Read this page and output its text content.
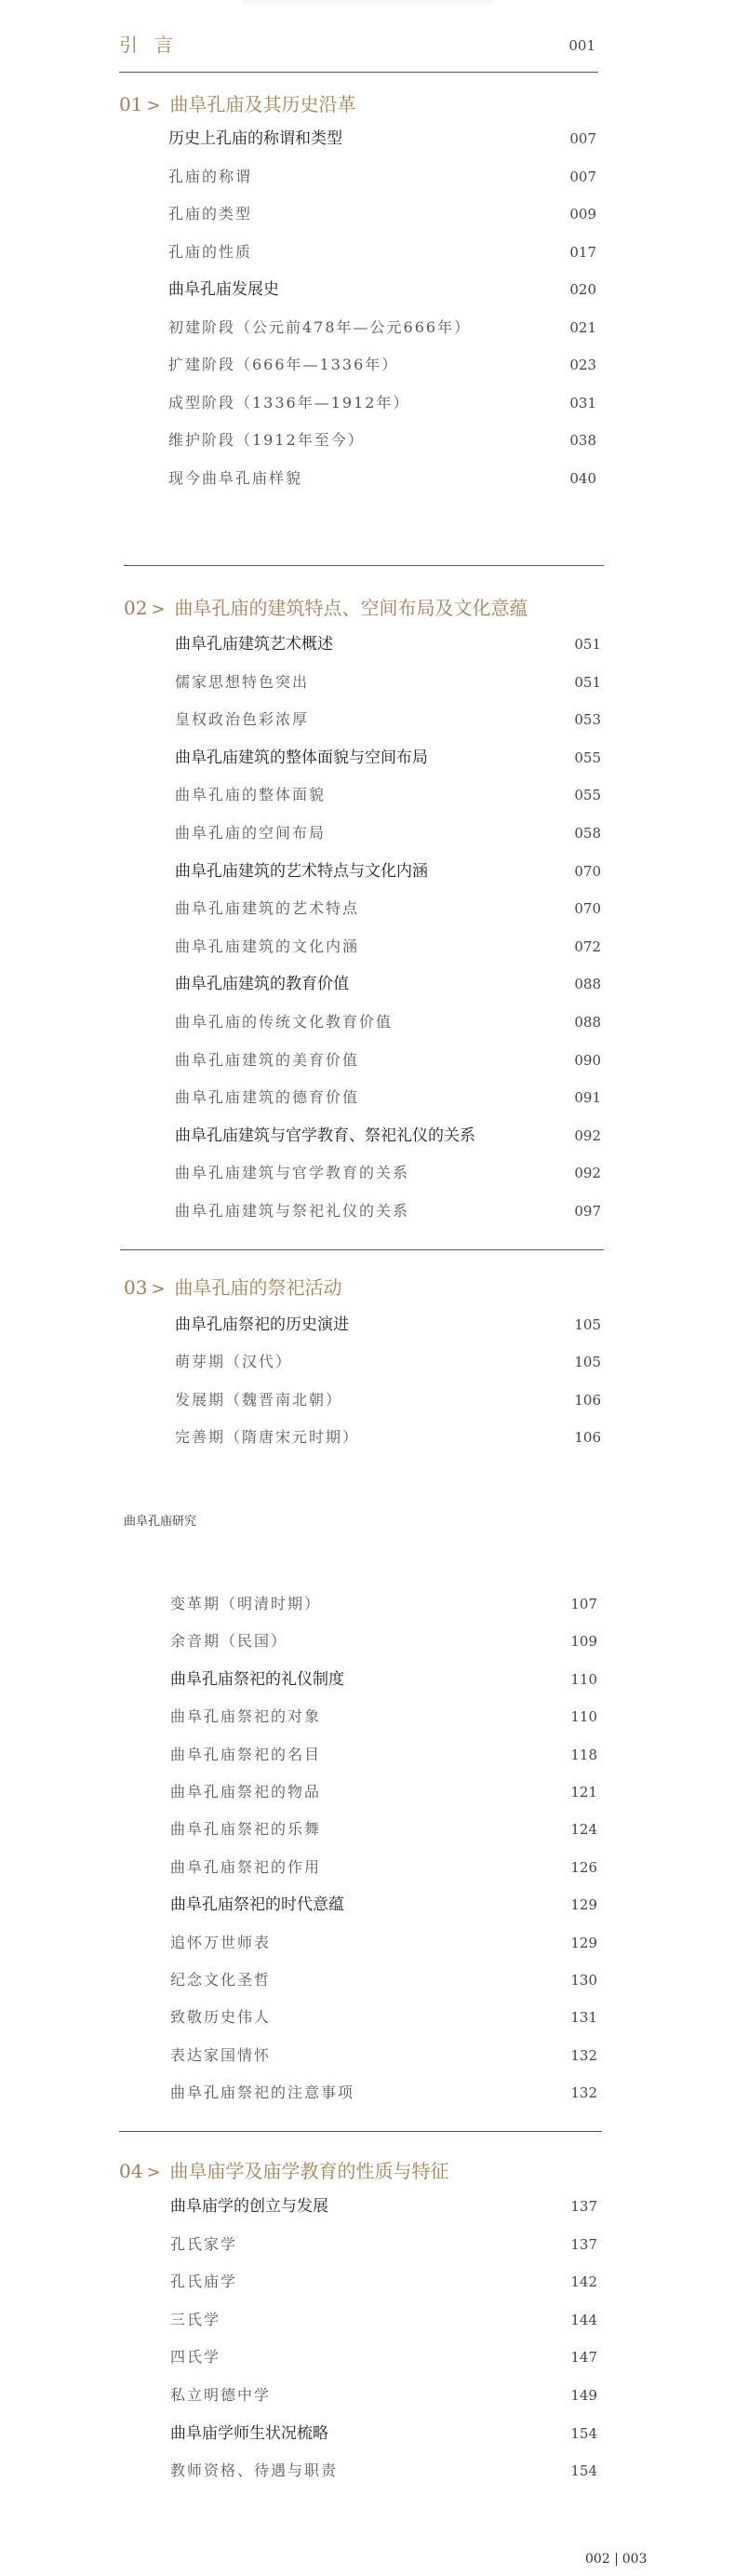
引言	001
01 > 曲阜孔庙及其历史沿革
历史上孔庙的称谓和类型	007
孔庙的称谓	007
孔庙的类型	009
孔庙的性质	017
曲阜孔庙发展史	020
初建阶段（公元前478年—公元666年）	021
扩建阶段（666年—1336年）	023
成型阶段（1336年—1912年）	031
维护阶段（1912年至今）	038
现今曲阜孔庙样貌	040
02 > 曲阜孔庙的建筑特点、空间布局及文化意蕴
曲阜孔庙建筑艺术概述	051
儒家思想特色突出	051
皇权政治色彩浓厚	053
曲阜孔庙建筑的整体面貌与空间布局	055
曲阜孔庙的整体面貌	055
曲阜孔庙的空间布局	058
曲阜孔庙建筑的艺术特点与文化内涵	070
曲阜孔庙建筑的艺术特点	070
曲阜孔庙建筑的文化内涵	072
曲阜孔庙建筑的教育价值	088
曲阜孔庙的传统文化教育价值	088
曲阜孔庙建筑的美育价值	090
曲阜孔庙建筑的德育价值	091
曲阜孔庙建筑与官学教育、祭祀礼仪的关系	092
曲阜孔庙建筑与官学教育的关系	092
曲阜孔庙建筑与祭祀礼仪的关系	097
03 > 曲阜孔庙的祭祀活动
曲阜孔庙祭祀的历史演进	105
萌芽期（汉代）	105
发展期（魏晋南北朝）	106
完善期（隋唐宋元时期）	106
曲阜孔庙研究
变革期（明清时期）	107
余音期（民国）	109
曲阜孔庙祭祀的礼仪制度	110
曲阜孔庙祭祀的对象	110
曲阜孔庙祭祀的名目	118
曲阜孔庙祭祀的物品	121
曲阜孔庙祭祀的乐舞	124
曲阜孔庙祭祀的作用	126
曲阜孔庙祭祀的时代意蕴	129
追怀万世师表	129
纪念文化圣哲	130
致敬历史伟人	131
表达家国情怀	132
曲阜孔庙祭祀的注意事项	132
04 > 曲阜庙学及庙学教育的性质与特征
曲阜庙学的创立与发展	137
孔氏家学	137
孔氏庙学	142
三氏学	144
四氏学	147
私立明德中学	149
曲阜庙学师生状况梳略	154
教师资格、待遇与职责	154
002 003
